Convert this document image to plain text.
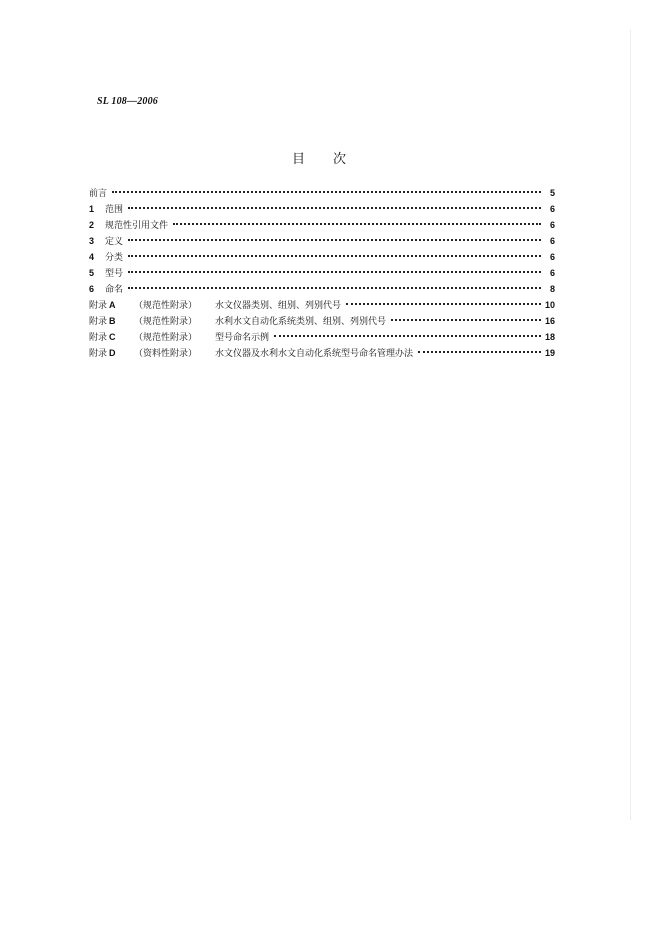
SL 108—2006
目次
前言	5
1	范围	6
2	规范性引用文件	6
3	定义	6
4	分类	6
5	型号	6
6	命名	8
附录 A	（规范性附录）	水文仪器类别、组别、列别代号	10
附录 B	（规范性附录）	水利水文自动化系统类别、组别、列别代号	16
附录 C	（规范性附录）	型号命名示例	18
附录 D	（资料性附录）	水文仪器及水利水文自动化系统型号命名管理办法	19
